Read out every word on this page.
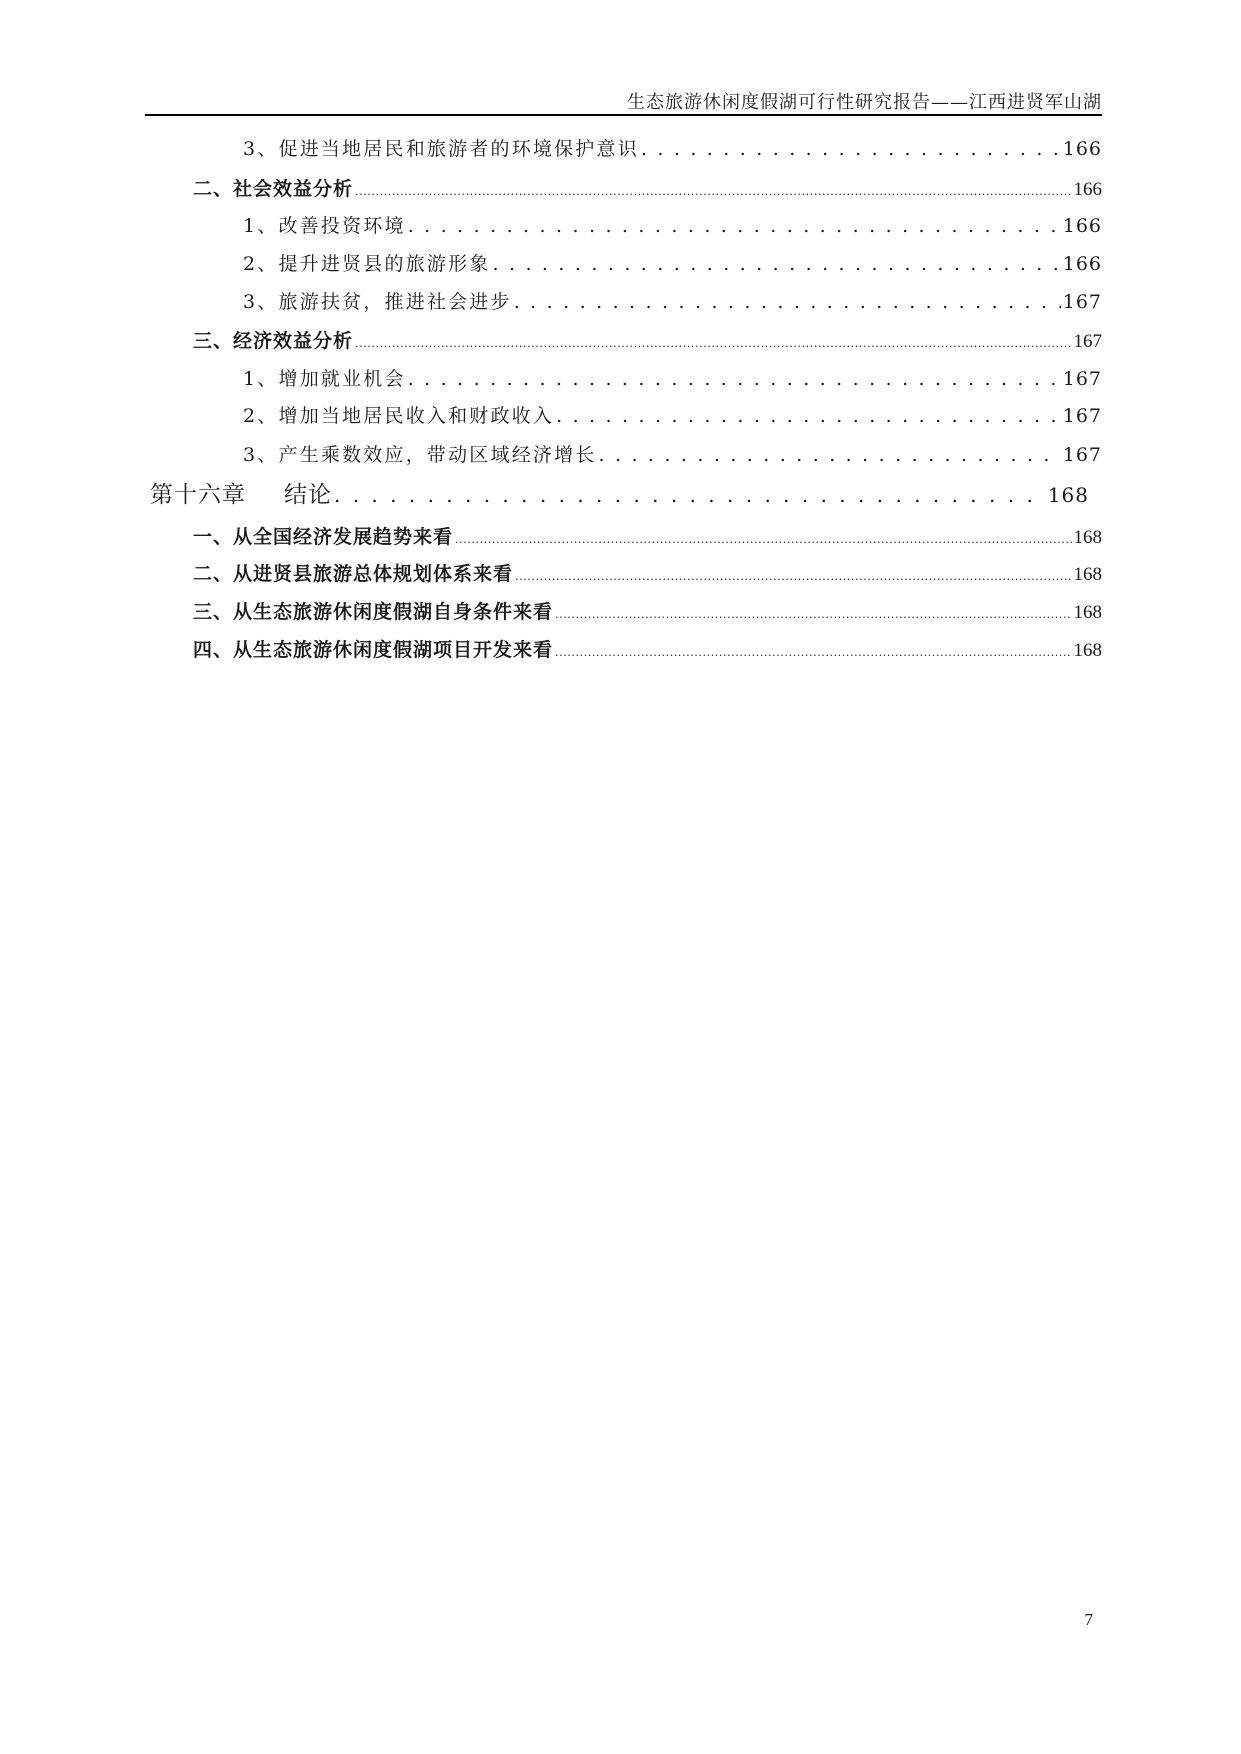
生态旅游休闲度假湖可行性研究报告——江西进贤军山湖
3、促进当地居民和旅游者的环境保护意识 . . .	166
二、社会效益分析 .....	166
1、改善投资环境 . . .	166
2、提升进贤县的旅游形象 . . .	166
3、旅游扶贫，推进社会进步 . . .	167
三、经济效益分析 .....	167
1、增加就业机会 . . .	167
2、增加当地居民收入和财政收入 . . .	167
3、产生乘数效应，带动区域经济增长 . . .	167
第十六章 结论 . . .	168
一、从全国经济发展趋势来看 .....	168
二、从进贤县旅游总体规划体系来看 .....	168
三、从生态旅游休闲度假湖自身条件来看 .....	168
四、从生态旅游休闲度假湖项目开发来看 .....	168
7
